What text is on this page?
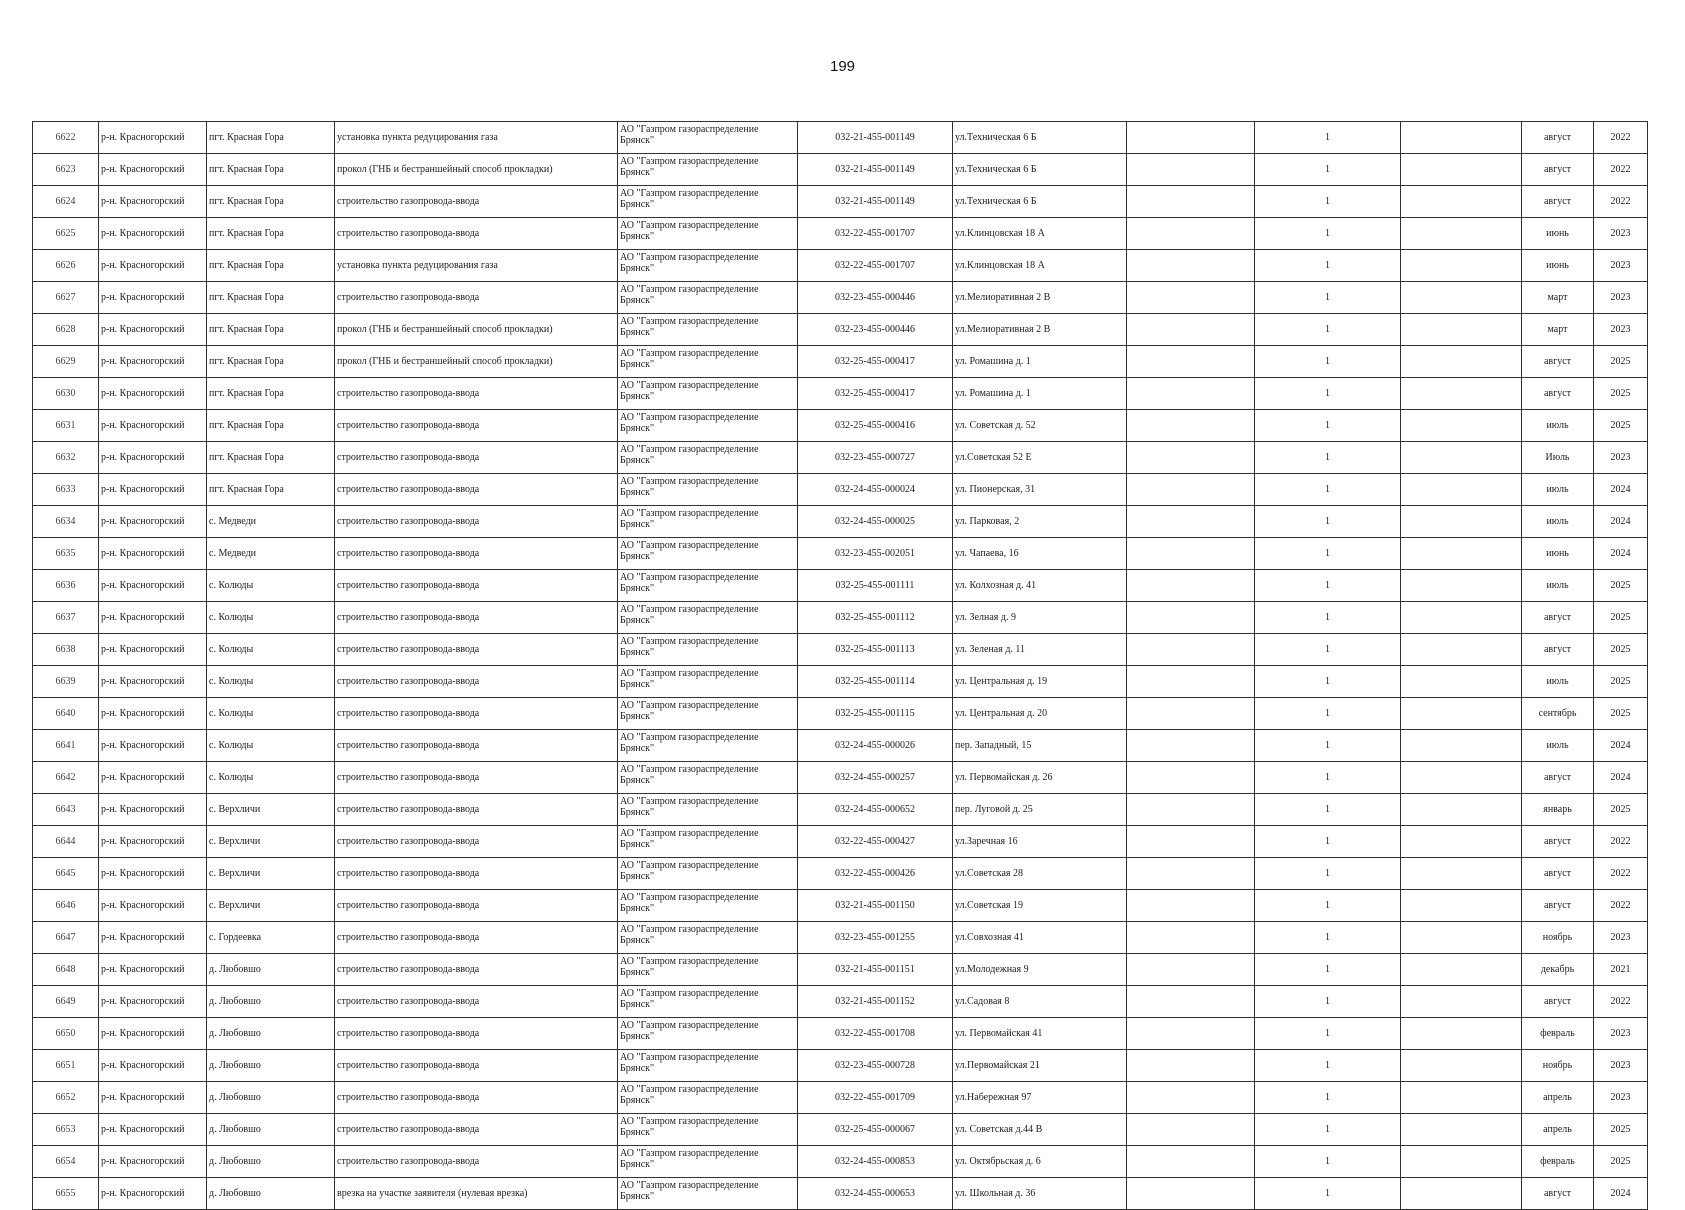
199
6622	р-н. Красногорский	пгт. Красная Гора	установка пункта редуцирования газа	АО "Газпром газораспределение Брянск"	032-21-455-001149	ул.Техническая 6 Б		1		август	2022
6623	р-н. Красногорский	пгт. Красная Гора	прокол (ГНБ и бестраншейный способ прокладки)	АО "Газпром газораспределение Брянск"	032-21-455-001149	ул.Техническая 6 Б		1		август	2022
6624	р-н. Красногорский	пгт. Красная Гора	строительство газопровода-ввода	АО "Газпром газораспределение Брянск"	032-21-455-001149	ул.Техническая 6 Б		1		август	2022
6625	р-н. Красногорский	пгт. Красная Гора	строительство газопровода-ввода	АО "Газпром газораспределение Брянск"	032-22-455-001707	ул.Клинцовская 18 А		1		июнь	2023
6626	р-н. Красногорский	пгт. Красная Гора	установка пункта редуцирования газа	АО "Газпром газораспределение Брянск"	032-22-455-001707	ул.Клинцовская 18 А		1		июнь	2023
6627	р-н. Красногорский	пгт. Красная Гора	строительство газопровода-ввода	АО "Газпром газораспределение Брянск"	032-23-455-000446	ул.Мелиоративная 2 В		1		март	2023
6628	р-н. Красногорский	пгт. Красная Гора	прокол (ГНБ и бестраншейный способ прокладки)	АО "Газпром газораспределение Брянск"	032-23-455-000446	ул.Мелиоративная 2 В		1		март	2023
6629	р-н. Красногорский	пгт. Красная Гора	прокол (ГНБ и бестраншейный способ прокладки)	АО "Газпром газораспределение Брянск"	032-25-455-000417	ул. Ромашина д. 1		1		август	2025
6630	р-н. Красногорский	пгт. Красная Гора	строительство газопровода-ввода	АО "Газпром газораспределение Брянск"	032-25-455-000417	ул. Ромашина д. 1		1		август	2025
6631	р-н. Красногорский	пгт. Красная Гора	строительство газопровода-ввода	АО "Газпром газораспределение Брянск"	032-25-455-000416	ул. Советская д. 52		1		июль	2025
6632	р-н. Красногорский	пгт. Красная Гора	строительство газопровода-ввода	АО "Газпром газораспределение Брянск"	032-23-455-000727	ул.Советская 52 Е		1		Июль	2023
6633	р-н. Красногорский	пгт. Красная Гора	строительство газопровода-ввода	АО "Газпром газораспределение Брянск"	032-24-455-000024	ул. Пионерская, 31		1		июль	2024
6634	р-н. Красногорский	с. Медведи	строительство газопровода-ввода	АО "Газпром газораспределение Брянск"	032-24-455-000025	ул. Парковая, 2		1		июль	2024
6635	р-н. Красногорский	с. Медведи	строительство газопровода-ввода	АО "Газпром газораспределение Брянск"	032-23-455-002051	ул. Чапаева, 16		1		июнь	2024
6636	р-н. Красногорский	с. Колюды	строительство газопровода-ввода	АО "Газпром газораспределение Брянск"	032-25-455-001111	ул. Колхозная д. 41		1		июль	2025
6637	р-н. Красногорский	с. Колюды	строительство газопровода-ввода	АО "Газпром газораспределение Брянск"	032-25-455-001112	ул. Зелная д. 9		1		август	2025
6638	р-н. Красногорский	с. Колюды	строительство газопровода-ввода	АО "Газпром газораспределение Брянск"	032-25-455-001113	ул. Зеленая д. 11		1		август	2025
6639	р-н. Красногорский	с. Колюды	строительство газопровода-ввода	АО "Газпром газораспределение Брянск"	032-25-455-001114	ул. Центральная д. 19		1		июль	2025
6640	р-н. Красногорский	с. Колюды	строительство газопровода-ввода	АО "Газпром газораспределение Брянск"	032-25-455-001115	ул. Центральная д. 20		1		сентябрь	2025
6641	р-н. Красногорский	с. Колюды	строительство газопровода-ввода	АО "Газпром газораспределение Брянск"	032-24-455-000026	пер. Западный, 15		1		июль	2024
6642	р-н. Красногорский	с. Колюды	строительство газопровода-ввода	АО "Газпром газораспределение Брянск"	032-24-455-000257	ул. Первомайская д. 26		1		август	2024
6643	р-н. Красногорский	с. Верхличи	строительство газопровода-ввода	АО "Газпром газораспределение Брянск"	032-24-455-000652	пер. Луговой д. 25		1		январь	2025
6644	р-н. Красногорский	с. Верхличи	строительство газопровода-ввода	АО "Газпром газораспределение Брянск"	032-22-455-000427	ул.Заречная 16		1		август	2022
6645	р-н. Красногорский	с. Верхличи	строительство газопровода-ввода	АО "Газпром газораспределение Брянск"	032-22-455-000426	ул.Советская 28		1		август	2022
6646	р-н. Красногорский	с. Верхличи	строительство газопровода-ввода	АО "Газпром газораспределение Брянск"	032-21-455-001150	ул.Советская 19		1		август	2022
6647	р-н. Красногорский	с. Гордеевка	строительство газопровода-ввода	АО "Газпром газораспределение Брянск"	032-23-455-001255	ул.Совхозная 41		1		ноябрь	2023
6648	р-н. Красногорский	д. Любовшо	строительство газопровода-ввода	АО "Газпром газораспределение Брянск"	032-21-455-001151	ул.Молодежная 9		1		декабрь	2021
6649	р-н. Красногорский	д. Любовшо	строительство газопровода-ввода	АО "Газпром газораспределение Брянск"	032-21-455-001152	ул.Садовая 8		1		август	2022
6650	р-н. Красногорский	д. Любовшо	строительство газопровода-ввода	АО "Газпром газораспределение Брянск"	032-22-455-001708	ул. Первомайская 41		1		февраль	2023
6651	р-н. Красногорский	д. Любовшо	строительство газопровода-ввода	АО "Газпром газораспределение Брянск"	032-23-455-000728	ул.Первомайская 21		1		ноябрь	2023
6652	р-н. Красногорский	д. Любовшо	строительство газопровода-ввода	АО "Газпром газораспределение Брянск"	032-22-455-001709	ул.Набережная 97		1		апрель	2023
6653	р-н. Красногорский	д. Любовшо	строительство газопровода-ввода	АО "Газпром газораспределение Брянск"	032-25-455-000067	ул. Советская д.44 В		1		апрель	2025
6654	р-н. Красногорский	д. Любовшо	строительство газопровода-ввода	АО "Газпром газораспределение Брянск"	032-24-455-000853	ул. Октябрьская д. 6		1		февраль	2025
6655	р-н. Красногорский	д. Любовшо	врезка на участке заявителя (нулевая врезка)	АО "Газпром газораспределение Брянск"	032-24-455-000653	ул. Школьная д. 36		1		август	2024
